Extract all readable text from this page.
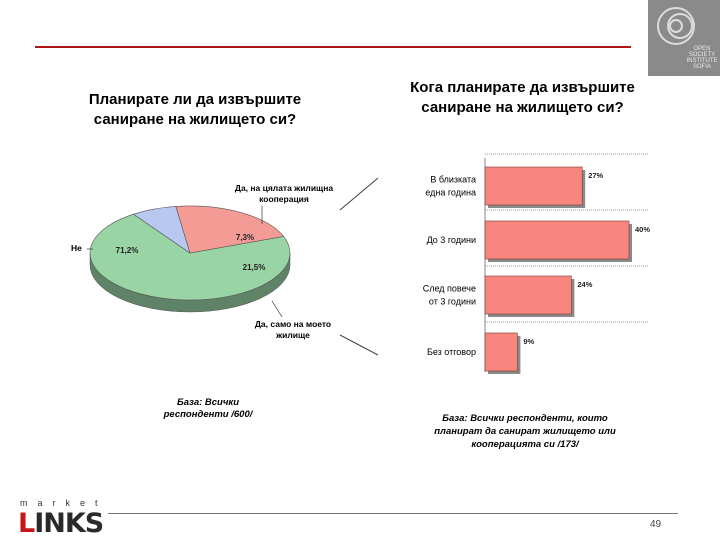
OPEN
SOCIETY
INSTITUTE
SOFIA
Планирате ли да извършите саниране на жилището си?
Кога планирате да извършите саниране на жилището си?
71,2%
7,3%
21,5%
Не
Да, на цялата жилищна
кооперация
Да, само на моето
жилище
27%
В близката
една година
40%
До 3 години
24%
След повече
от 3 години
9%
Без отговор
База: Всички респонденти /600/	База: Всички респонденти, които планират да санират жилището или кооперацията си /173/
49
market
LINKS
